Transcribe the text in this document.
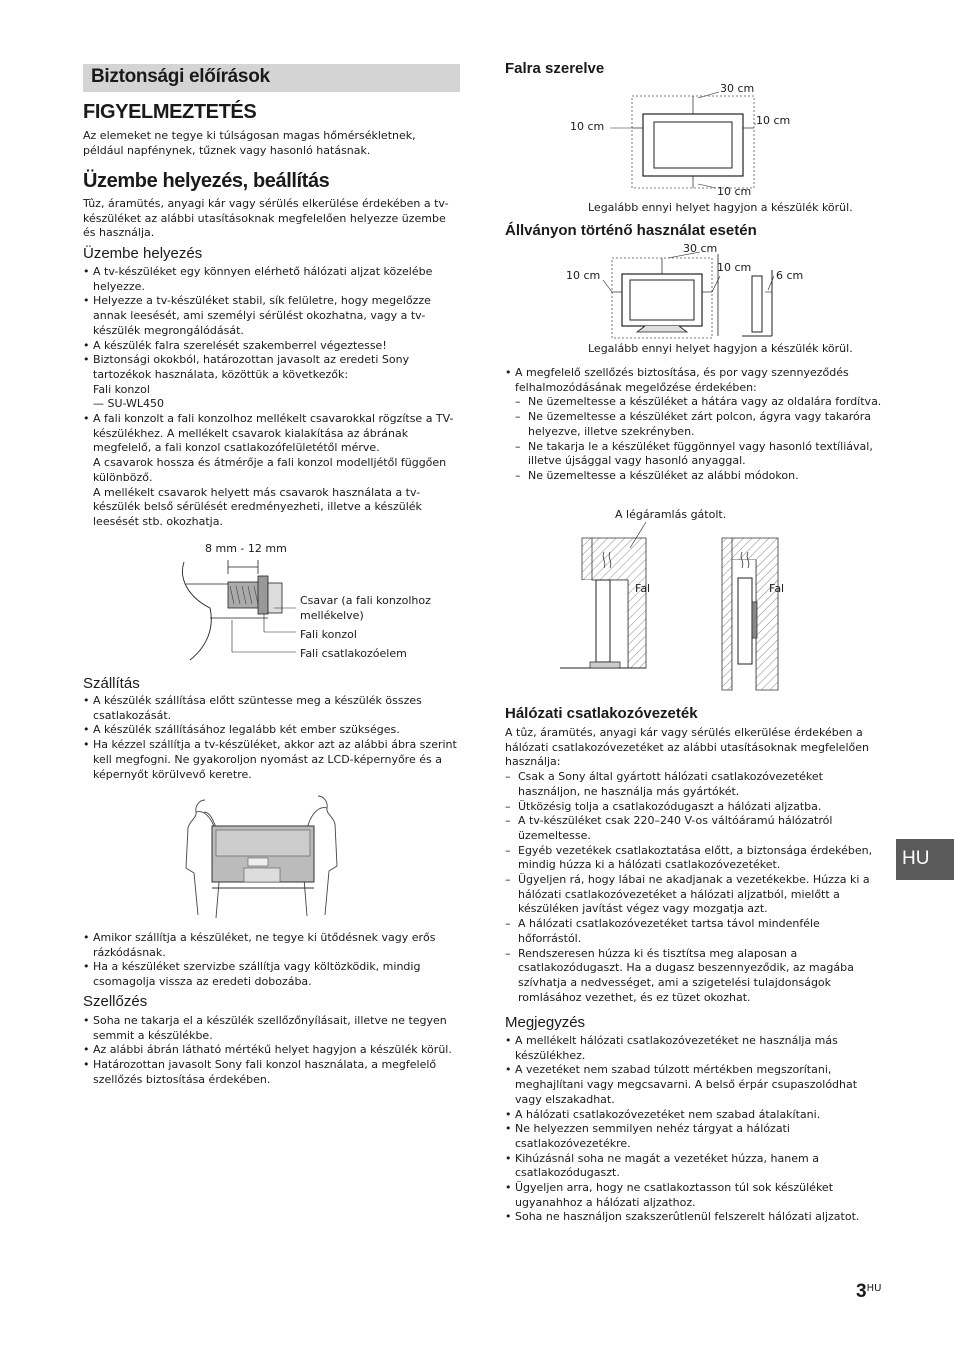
Biztonsági előírások
FIGYELMEZTETÉS
Az elemeket ne tegye ki túlságosan magas hőmérsékletnek, például napfénynek, tűznek vagy hasonló hatásnak.
Üzembe helyezés, beállítás
Tûz, áramütés, anyagi kár vagy sérülés elkerülése érdekében a tv-készüléket az alábbi utasításoknak megfelelően helyezze üzembe és használja.
Üzembe helyezés
• A tv-készüléket egy könnyen elérhető hálózati aljzat közelébe helyezze.
• Helyezze a tv-készüléket stabil, sík felületre, hogy megelőzze annak leesését, ami személyi sérülést okozhatna, vagy a tv-készülék megrongálódását.
• A készülék falra szerelését szakemberrel végeztesse!
• Biztonsági okokból, határozottan javasolt az eredeti Sony tartozékok használata, közöttük a következők:
Fali konzol
— SU-WL450
• A fali konzolt a fali konzolhoz mellékelt csavarokkal rögzítse a TV-készülékhez. A mellékelt csavarok kialakítása az ábrának megfelelő, a fali konzol csatlakozófelületétől mérve.
A csavarok hossza és átmérője a fali konzol modelljétől függően különböző.
A mellékelt csavarok helyett más csavarok használata a tv-készülék belső sérülését eredményezheti, illetve a készülék leesését stb. okozhatja.
8 mm - 12 mm
Csavar (a fali konzolhoz
mellékelve)
Fali konzol
Fali csatlakozóelem
Szállítás
• A készülék szállítása előtt szüntesse meg a készülék összes csatlakozását.
• A készülék szállításához legalább két ember szükséges.
• Ha kézzel szállítja a tv-készüléket, akkor azt az alábbi ábra szerint kell megfogni. Ne gyakoroljon nyomást az LCD-képernyőre és a képernyőt körülvevő keretre.
• Amikor szállítja a készüléket, ne tegye ki ütődésnek vagy erős rázkódásnak.
• Ha a készüléket szervizbe szállítja vagy költözködik, mindig csomagolja vissza az eredeti dobozába.
Szellőzés
• Soha ne takarja el a készülék szellőzőnyílásait, illetve ne tegyen semmit a készülékbe.
• Az alábbi ábrán látható mértékű helyet hagyjon a készülék körül.
• Határozottan javasolt Sony fali konzol használata, a megfelelő szellőzés biztosítása érdekében.
Falra szerelve
30 cm
10 cm	10 cm
10 cm
Legalább ennyi helyet hagyjon a készülék körül.
Állványon történő használat esetén
30 cm
10 cm
10 cm
6 cm
Legalább ennyi helyet hagyjon a készülék körül.
• A megfelelő szellőzés biztosítása, és por vagy szennyeződés felhalmozódásának megelőzése érdekében:
– Ne üzemeltesse a készüléket a hátára vagy az oldalára fordítva.
– Ne üzemeltesse a készüléket zárt polcon, ágyra vagy takaróra helyezve, illetve szekrényben.
– Ne takarja le a készüléket függönnyel vagy hasonló textíliával, illetve újsággal vagy hasonló anyaggal.
– Ne üzemeltesse a készüléket az alábbi módokon.
A légáramlás gátolt.
Fal	Fal
Hálózati csatlakozóvezeték
A tûz, áramütés, anyagi kár vagy sérülés elkerülése érdekében a hálózati csatlakozóvezetéket az alábbi utasításoknak megfelelően használja:
– Csak a Sony által gyártott hálózati csatlakozóvezetéket használjon, ne használja más gyártókét.
– Ütközésig tolja a csatlakozódugaszt a hálózati aljzatba.
– A tv-készüléket csak 220–240 V-os váltóáramú hálózatról üzemeltesse.
– Egyéb vezetékek csatlakoztatása előtt, a biztonsága érdekében, mindig húzza ki a hálózati csatlakozóvezetéket.
– Ügyeljen rá, hogy lábai ne akadjanak a vezetékekbe. Húzza ki a hálózati csatlakozóvezetéket a hálózati aljzatból, mielőtt a készüléken javítást végez vagy mozgatja azt.
– A hálózati csatlakozóvezetéket tartsa távol mindenféle hőforrástól.
– Rendszeresen húzza ki és tisztítsa meg alaposan a csatlakozódugaszt. Ha a dugasz beszennyeződik, az magába szívhatja a nedvességet, ami a szigetelési tulajdonságok romlásához vezethet, és ez tüzet okozhat.
Megjegyzés
• A mellékelt hálózati csatlakozóvezetéket ne használja más készülékhez.
• A vezetéket nem szabad túlzott mértékben megszorítani, meghajlítani vagy megcsavarni. A belső érpár csupaszolódhat vagy elszakadhat.
• A hálózati csatlakozóvezetéket nem szabad átalakítani.
• Ne helyezzen semmilyen nehéz tárgyat a hálózati csatlakozóvezetékre.
• Kihúzásnál soha ne magát a vezetéket húzza, hanem a csatlakozódugaszt.
• Ügyeljen arra, hogy ne csatlakoztasson túl sok készüléket ugyanahhoz a hálózati aljzathoz.
• Soha ne használjon szakszerûtlenül felszerelt hálózati aljzatot.
HU
$3^{HU}$
